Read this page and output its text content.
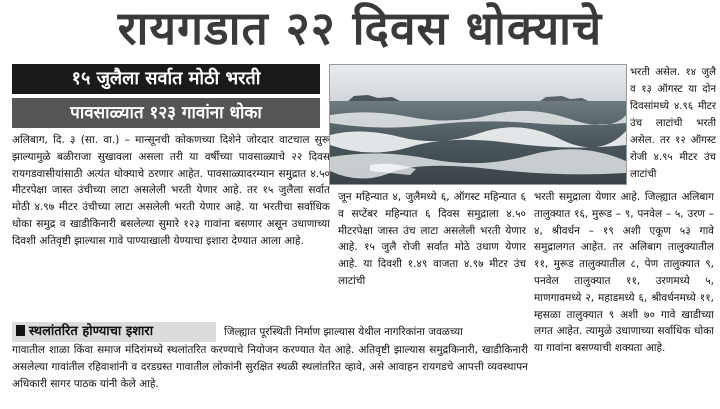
रायगडात २२ दिवस धोक्याचे
१५ जुलैला सर्वात मोठी भरती
पावसाळ्यात १२३ गावांना धोका

अलिबाग, दि. ३ (सा. वा.) – मान्सूनची कोकणच्या दिशेने जोरदार वाटचाल सुरू झाल्यामुळे बळीराजा सुखावला असला तरी या वर्षीच्या पावसाळ्याचे २२ दिवस रायगडवासीयांसाठी अत्यंत धोक्याचे ठरणार आहेत. पावसाळ्यादरम्यान समुद्रात ४.५० मीटरपेक्षा जास्त उंचीच्या लाटा असलेली भरती येणार आहे. तर १५ जुलैला सर्वात मोठी ४.९७ मीटर उंचीच्या लाटा असलेली भरती येणार आहे. या भरतीचा सर्वाधिक धोका समुद्र व खाडीकिनारी बसलेल्या सुमारे १२३ गावांना बसणार असून उधाणाच्या दिवशी अतिवृष्टी झाल्यास गावे पाण्याखाली येण्याचा इशारा देण्यात आला आहे.

भरती असेल. १४ जुलै व १३ ऑगस्ट या दोन दिवसांमध्ये ४.९६ मीटर उंच लाटांची भरती असेल. तर १२ ऑगस्ट रोजी ४.९५ मीटर उंच लाटांची

जून महिन्यात ४, जुलैमध्ये ६, ऑगस्ट महिन्यात ६ व सप्टेंबर महिन्यात ६ दिवस समुद्राला ४.५० मीटरपेक्षा जास्त उंच लाटा असलेली भरती येणार आहे. १५ जुलै रोजी सर्वात मोठे उधाण येणार आहे. या दिवशी १.४९ वाजता ४.९७ मीटर उंच लाटांची

भरती समुद्राला येणार आहे. जिल्ह्यात अलिबाग तालुक्यात १६, मुरूड – ९, पनवेल – ५, उरण – ४, श्रीवर्धन – १९ अशी एकूण ५३ गावे समुद्रालगत आहेत. तर अलिबाग तालुक्यातील ११, मुरूड तालुक्यातील ८, पेण तालुक्यात ९, पनवेल तालुक्यात ११, उरणमध्ये ५, माणगावमध्ये २, महाडमध्ये ६, श्रीवर्धनमध्ये ११, म्हसळा तालुक्यात ९ अशी ७० गावे खाडीच्या लगत आहेत. त्यामुळे उधाणाच्या सर्वाधिक धोका या गावांना बसण्याची शक्यता आहे.

स्थलांतरित होण्याचा इशारा	जिल्ह्यात पूरस्थिती निर्माण झाल्यास येथील नागरिकांना जवळच्या

गावातील शाळा किंवा समाज मंदिरांमध्ये स्थलांतरित करण्याचे नियोजन करण्यात येत आहे. अतिवृष्टी झाल्यास समुद्रकिनारी, खाडीकिनारी असलेल्या गावांतील रहिवाशांनी व दरडग्रस्त गावातील लोकांनी सुरक्षित स्थळी स्थलांतरित व्हावे, असे आवाहन रायगडचे आपत्ती व्यवस्थापन अधिकारी सागर पाठक यांनी केले आहे.
